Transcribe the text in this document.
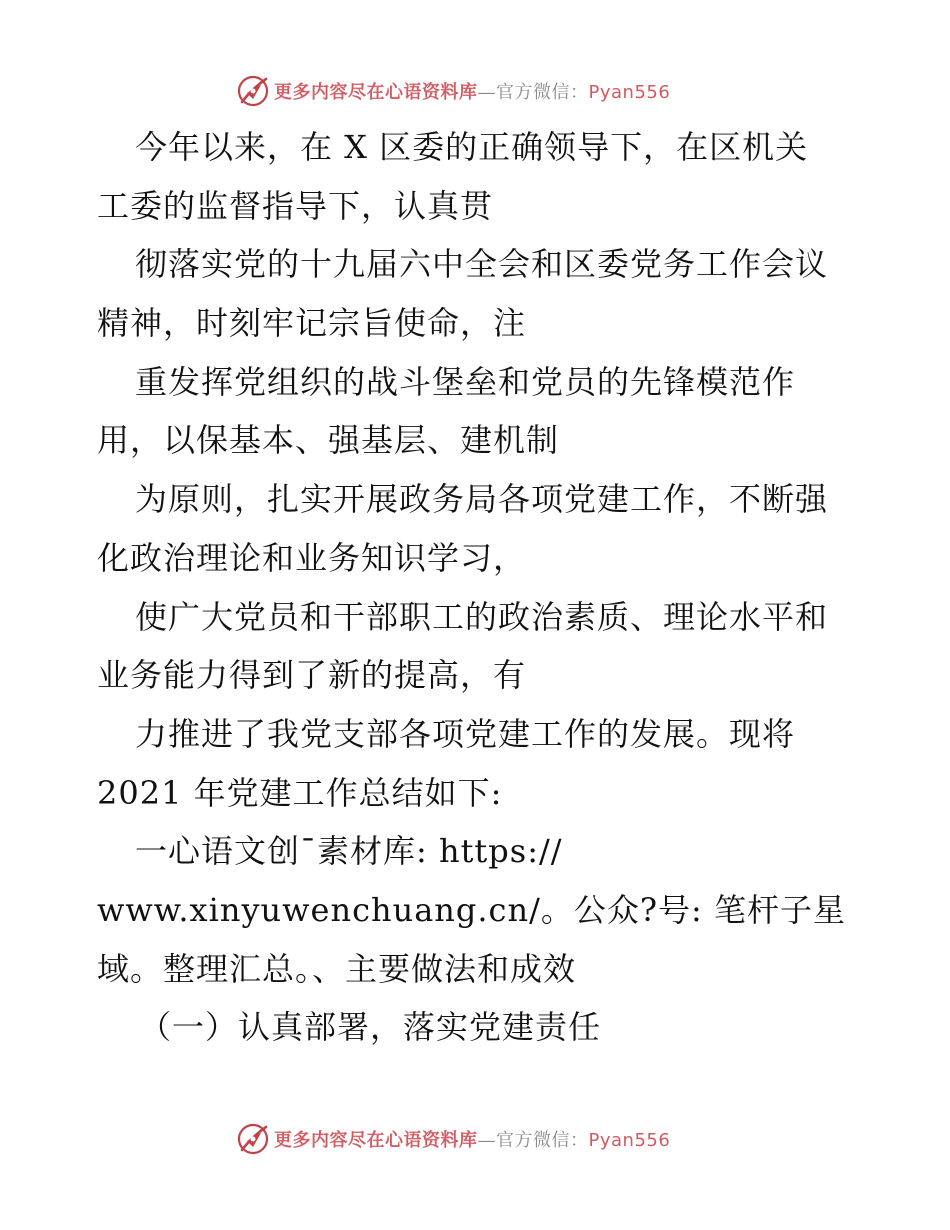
更多内容尽在心语资料库—官方微信：Pyan556
今年以来，在 X 区委的正确领导下，在区机关
工委的监督指导下，认真贯
彻落实党的十九届六中全会和区委党务工作会议
精神，时刻牢记宗旨使命，注
重发挥党组织的战斗堡垒和党员的先锋模范作
用，以保基本、强基层、建机制
为原则，扎实开展政务局各项党建工作，不断强
化政治理论和业务知识学习，
使广大党员和干部职工的政治素质、理论水平和
业务能力得到了新的提高，有
力推进了我党支部各项党建工作的发展。现将
2021 年党建工作总结如下:
一心语文创¯素材库: https://
www.xinyuwenchuang.cn/。公众?号: 笔杆子星
域。整理汇总。、主要做法和成效
（一）认真部署，落实党建责任
更多内容尽在心语资料库—官方微信：Pyan556
